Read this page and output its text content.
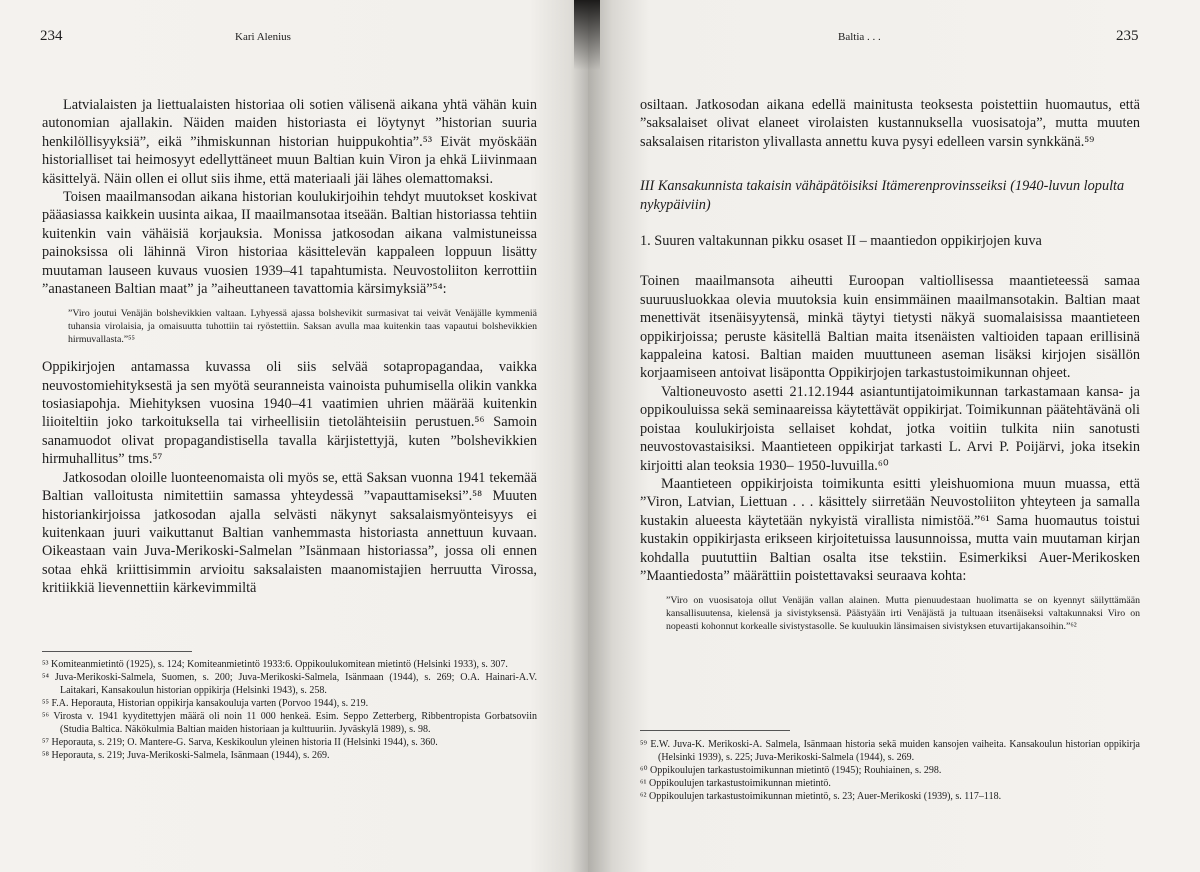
234	Kari Alenius

Latvialaisten ja liettualaisten historiaa oli sotien välisenä aikana yhtä vähän kuin autonomian ajallakin. Näiden maiden historiasta ei löytynyt ”historian suuria henkilöllisyyksiä”, eikä ”ihmiskunnan historian huippukohtia”.⁵³ Eivät myöskään historialliset tai heimosyyt edellyttäneet muun Baltian kuin Viron ja ehkä Liivinmaan käsittelyä. Näin ollen ei ollut siis ihme, että materiaali jäi lähes olemattomaksi.

Toisen maailmansodan aikana historian koulukirjoihin tehdyt muutokset koskivat pääasiassa kaikkein uusinta aikaa, II maailmansotaa itseään. Baltian historiassa tehtiin kuitenkin vain vähäisiä korjauksia. Monissa jatkosodan aikana valmistuneissa painoksissa oli lähinnä Viron historiaa käsittelevän kappaleen loppuun lisätty muutaman lauseen kuvaus vuosien 1939–41 tapahtumista. Neuvostoliiton kerrottiin ”anastaneen Baltian maat” ja ”aiheuttaneen tavattomia kärsimyksiä”⁵⁴:

”Viro joutui Venäjän bolshevikkien valtaan. Lyhyessä ajassa bolshevikit surmasivat tai veivät Venäjälle kymmeniä tuhansia virolaisia, ja omaisuutta tuhottiin tai ryöstettiin. Saksan avulla maa kuitenkin taas vapautui bolshevikkien hirmuvallasta.”⁵⁵

Oppikirjojen antamassa kuvassa oli siis selvää sotapropagandaa, vaikka neuvostomiehityksestä ja sen myötä seuranneista vainoista puhumisella olikin vankka tosiasiapohja. Miehityksen vuosina 1940–41 vaatimien uhrien määrää kuitenkin liioiteltiin joko tarkoituksella tai virheellisiin tietolähteisiin perustuen.⁵⁶ Samoin sanamuodot olivat propagandistisella tavalla kärjistettyjä, kuten ”bolshevikkien hirmuhallitus” tms.⁵⁷

Jatkosodan oloille luonteenomaista oli myös se, että Saksan vuonna 1941 tekemää Baltian valloitusta nimitettiin samassa yhteydessä ”vapauttamiseksi”.⁵⁸ Muuten historiankirjoissa jatkosodan ajalla selvästi näkynyt saksalaismyönteisyys ei kuitenkaan juuri vaikuttanut Baltian vanhemmasta historiasta annettuun kuvaan. Oikeastaan vain Juva-Merikoski-Salmelan ”Isänmaan historiassa”, jossa oli ennen sotaa ehkä kriittisimmin arvioitu saksalaisten maanomistajien herruutta Virossa, kritiikkiä lievennettiin kärkevimmiltä

⁵³ Komiteanmietintö (1925), s. 124; Komiteanmietintö 1933:6. Oppikoulukomitean mietintö (Helsinki 1933), s. 307.
⁵⁴ Juva-Merikoski-Salmela, Suomen, s. 200; Juva-Merikoski-Salmela, Isänmaan (1944), s. 269; O.A. Hainari-A.V. Laitakari, Kansakoulun historian oppikirja (Helsinki 1943), s. 258.
⁵⁵ F.A. Heporauta, Historian oppikirja kansakouluja varten (Porvoo 1944), s. 219.
⁵⁶ Virosta v. 1941 kyyditettyjen määrä oli noin 11 000 henkeä. Esim. Seppo Zetterberg, Ribbentropista Gorbatsoviin (Studia Baltica. Näkökulmia Baltian maiden historiaan ja kulttuuriin. Jyväskylä 1989), s. 98.
⁵⁷ Heporauta, s. 219; O. Mantere-G. Sarva, Keskikoulun yleinen historia II (Helsinki 1944), s. 360.
⁵⁸ Heporauta, s. 219; Juva-Merikoski-Salmela, Isänmaan (1944), s. 269.
Baltia . . .	235

osiltaan. Jatkosodan aikana edellä mainitusta teoksesta poistettiin huomautus, että ”saksalaiset olivat elaneet virolaisten kustannuksella vuosisatoja”, mutta muuten saksalaisen ritariston ylivallasta annettu kuva pysyi edelleen varsin synkkänä.⁵⁹

III Kansakunnista takaisin vähäpätöisiksi Itämerenprovinsseiksi (1940-luvun lopulta nykypäiviin)
1. Suuren valtakunnan pikku osaset II – maantiedon oppikirjojen kuva

Toinen maailmansota aiheutti Euroopan valtiollisessa maantieteessä samaa suuruusluokkaa olevia muutoksia kuin ensimmäinen maailmansotakin. Baltian maat menettivät itsenäisyytensä, minkä täytyi tietysti näkyä suomalaisissa maantieteen oppikirjoissa; peruste käsitellä Baltian maita itsenäisten valtioiden tapaan erillisinä kappaleina katosi. Baltian maiden muuttuneen aseman lisäksi kirjojen sisällön korjaamiseen antoivat lisäpontta Oppikirjojen tarkastustoimikunnan ohjeet.

Valtioneuvosto asetti 21.12.1944 asiantuntijatoimikunnan tarkastamaan kansa- ja oppikouluissa sekä seminaareissa käytettävät oppikirjat. Toimikunnan päätehtävänä oli poistaa koulukirjoista sellaiset kohdat, jotka voitiin tulkita niin sanotusti neuvostovastaisiksi. Maantieteen oppikirjat tarkasti L. Arvi P. Poijärvi, joka itsekin kirjoitti alan teoksia 1930– 1950-luvuilla.⁶⁰

Maantieteen oppikirjoista toimikunta esitti yleishuomiona muun muassa, että ”Viron, Latvian, Liettuan . . . käsittely siirretään Neuvostoliiton yhteyteen ja samalla kustakin alueesta käytetään nykyistä virallista nimistöä.”⁶¹ Sama huomautus toistui kustakin oppikirjasta erikseen kirjoitetuissa lausunnoissa, mutta vain muutaman kirjan kohdalla puututtiin Baltian osalta itse tekstiin. Esimerkiksi Auer-Merikosken ”Maantiedosta” määrättiin poistettavaksi seuraava kohta:

”Viro on vuosisatoja ollut Venäjän vallan alainen. Mutta pienuudestaan huolimatta se on kyennyt säilyttämään kansallisuutensa, kielensä ja sivistyksensä. Päästyään irti Venäjästä ja tultuaan itsenäiseksi valtakunnaksi Viro on nopeasti kohonnut korkealle sivistystasolle. Se kuuluukin länsimaisen sivistyksen etuvartijakansoihin.”⁶²
⁵⁹ E.W. Juva-K. Merikoski-A. Salmela, Isänmaan historia sekä muiden kansojen vaiheita. Kansakoulun historian oppikirja (Helsinki 1939), s. 225; Juva-Merikoski-Salmela (1944), s. 269.
⁶⁰ Oppikoulujen tarkastustoimikunnan mietintö (1945); Rouhiainen, s. 298.
⁶¹ Oppikoulujen tarkastustoimikunnan mietintö.
⁶² Oppikoulujen tarkastustoimikunnan mietintö, s. 23; Auer-Merikoski (1939), s. 117–118.
